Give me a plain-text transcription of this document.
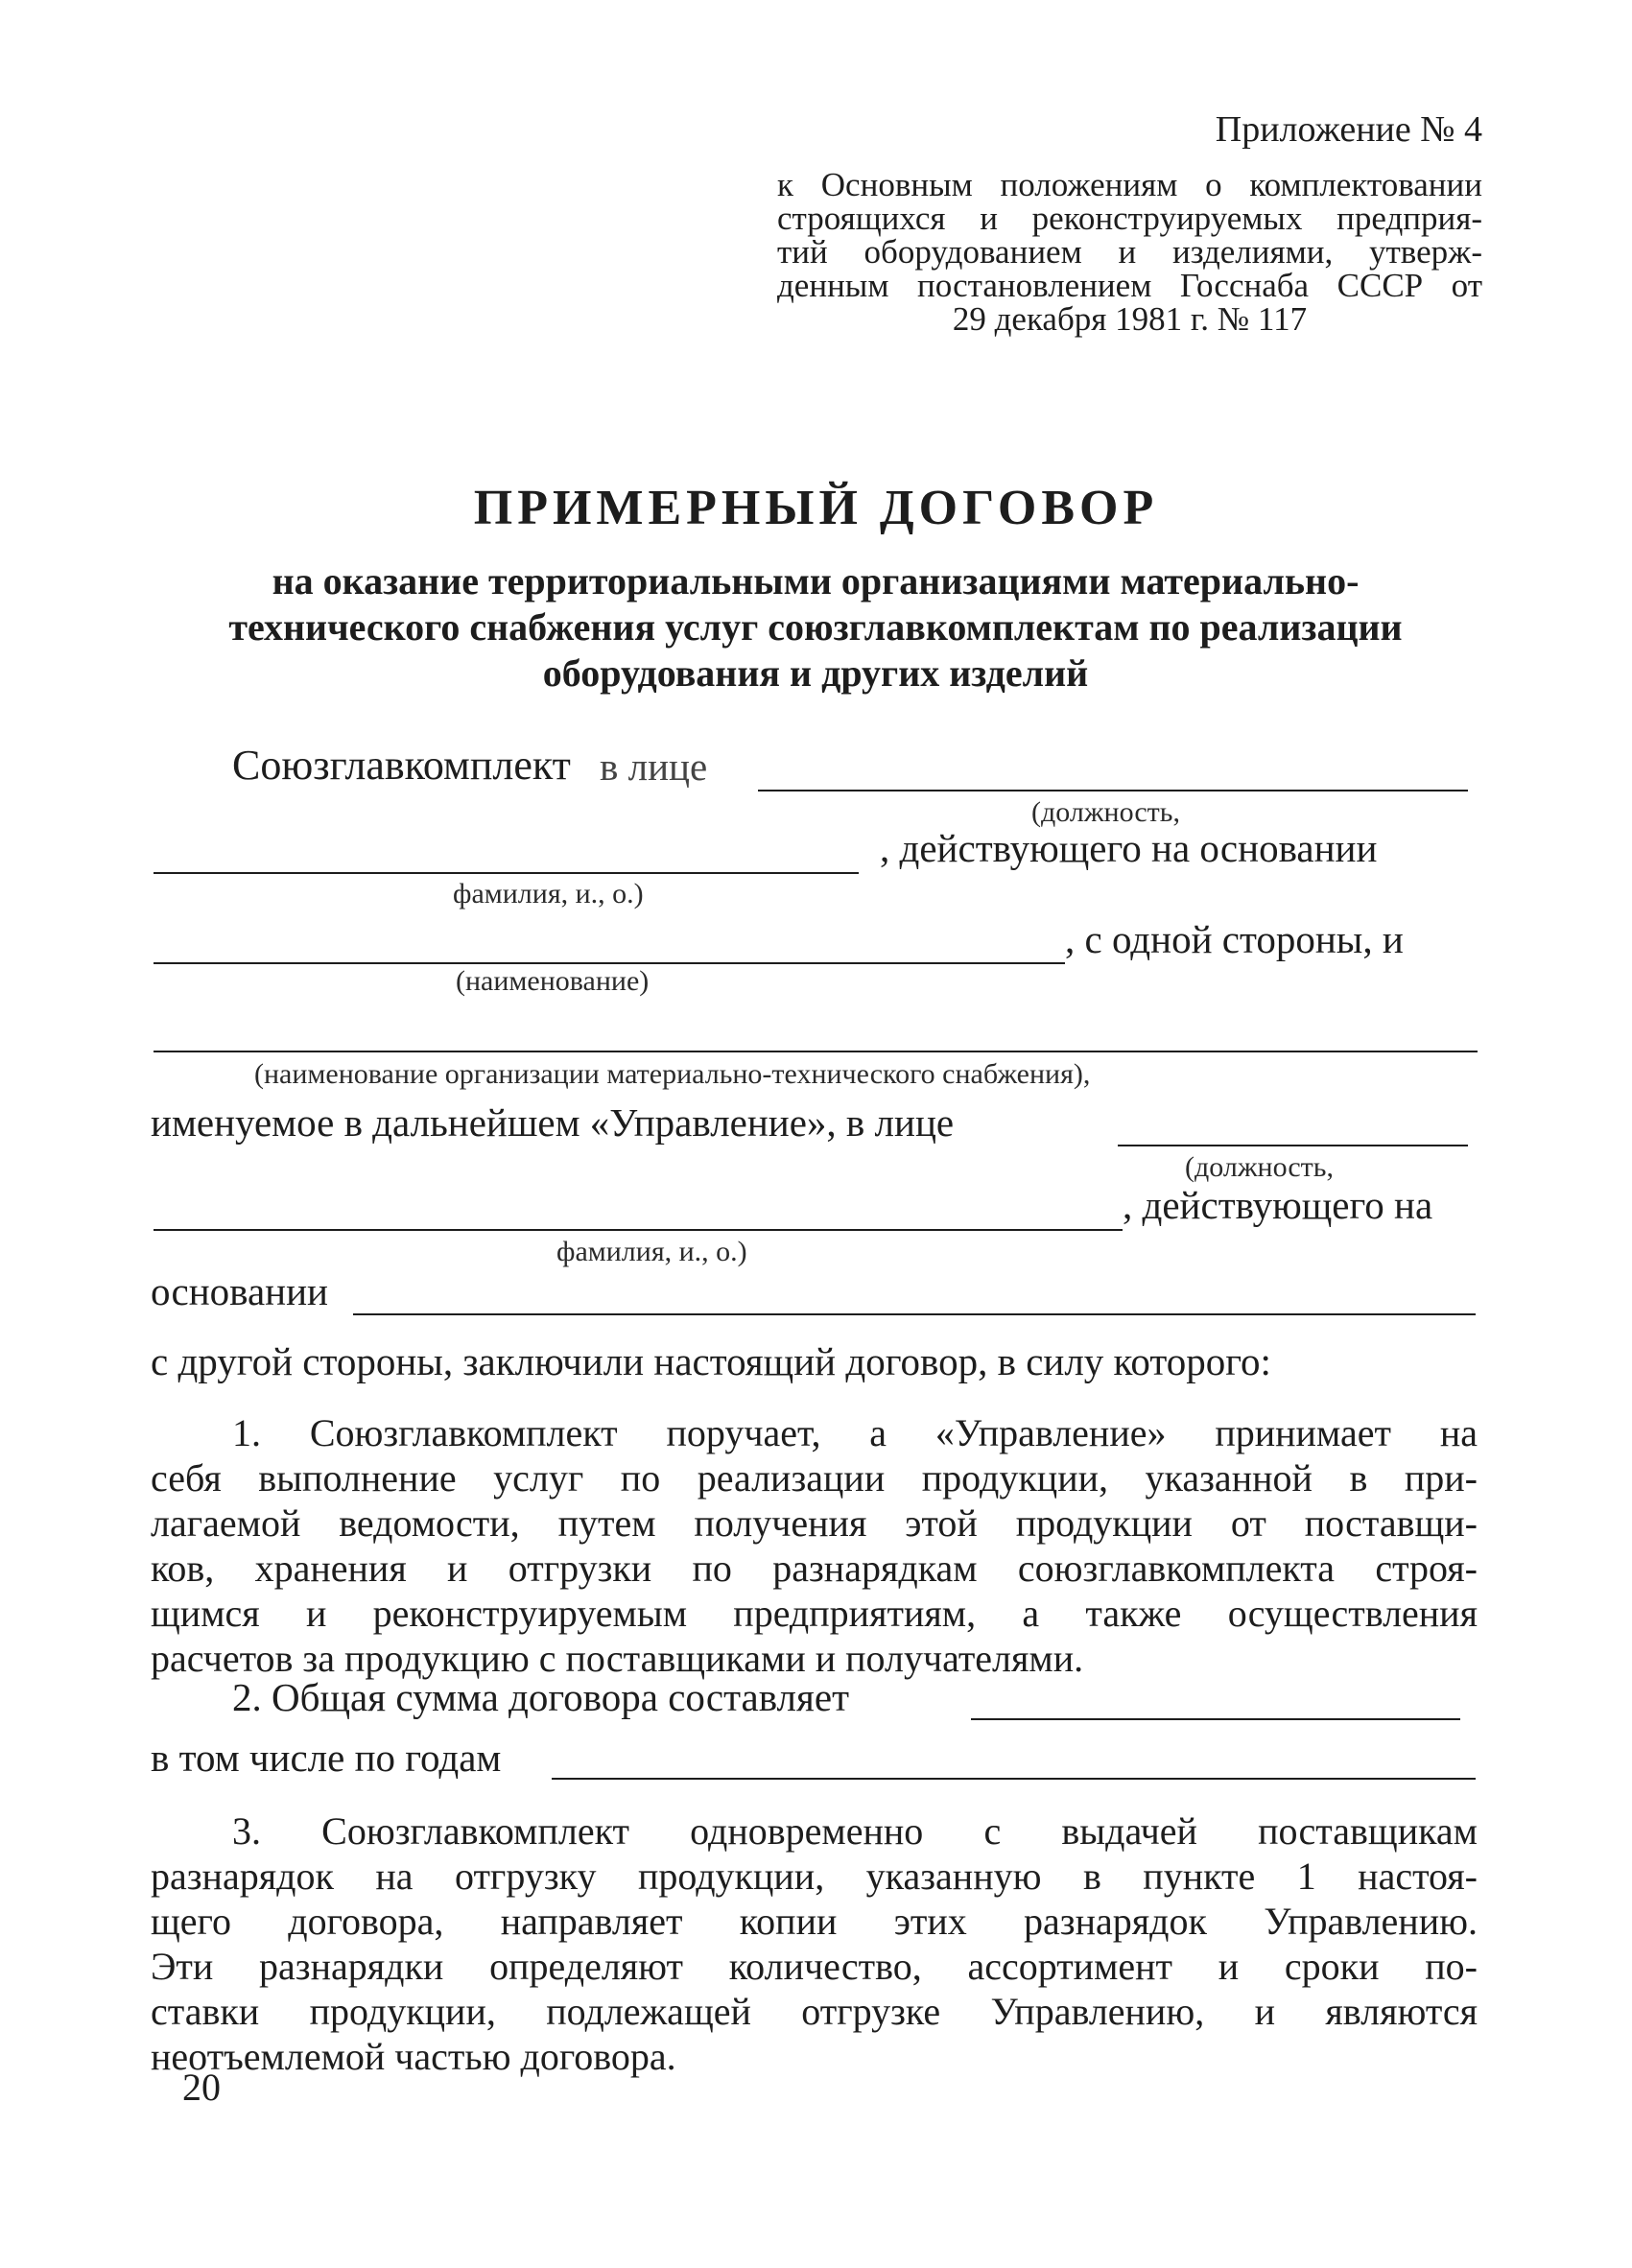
Приложение № 4
к Основным положениям о комплектовании
строящихся и реконструируемых предприя-
тий оборудованием и изделиями, утверж-
денным постановлением Госснаба СССР от
29 декабря 1981 г. № 117
ПРИМЕРНЫЙ ДОГОВОР
на оказание территориальными организациями материально-
технического снабжения услуг союзглавкомплектам по реализации
оборудования и других изделий
Союзглавкомплект в лице
(должность,
, действующего на основании
фамилия, и., о.)
, с одной стороны, и
(наименование)
(наименование организации материально-технического снабжения),
именуемое в дальнейшем «Управление», в лице
(должность,
, действующего на
фамилия, и., о.)
основании
с другой стороны, заключили настоящий договор, в силу которого:
1. Союзглавкомплект поручает, а «Управление» принимает на
себя выполнение услуг по реализации продукции, указанной в при-
лагаемой ведомости, путем получения этой продукции от поставщи-
ков, хранения и отгрузки по разнарядкам союзглавкомплекта строя-
щимся и реконструируемым предприятиям, а также осуществления
расчетов за продукцию с поставщиками и получателями.
2. Общая сумма договора составляет
в том числе по годам
3. Союзглавкомплект одновременно с выдачей поставщикам
разнарядок на отгрузку продукции, указанную в пункте 1 настоя-
щего договора, направляет копии этих разнарядок Управлению.
Эти разнарядки определяют количество, ассортимент и сроки по-
ставки продукции, подлежащей отгрузке Управлению, и являются
неотъемлемой частью договора.
20
